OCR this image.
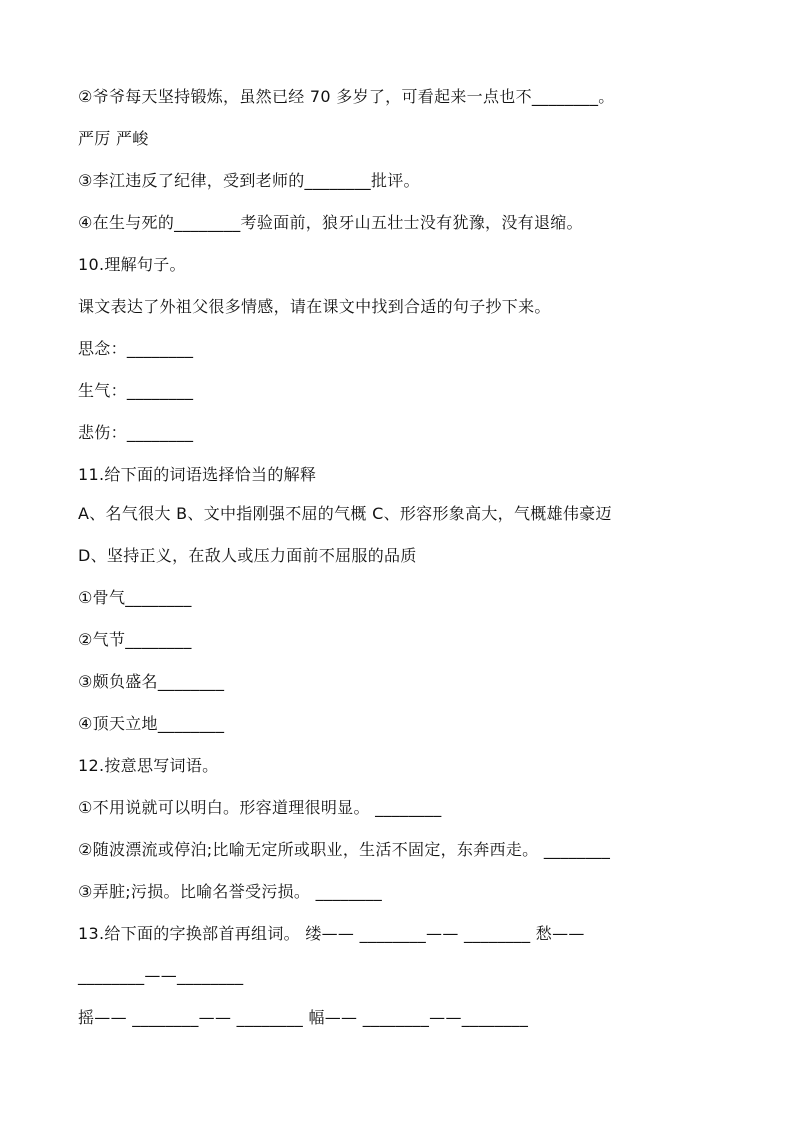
②爷爷每天坚持锻炼，虽然已经 70 多岁了，可看起来一点也不________。
严厉 严峻
③李江违反了纪律，受到老师的________批评。
④在生与死的________考验面前，狼牙山五壮士没有犹豫，没有退缩。
10.理解句子。
课文表达了外祖父很多情感，请在课文中找到合适的句子抄下来。
思念：________
生气：________
悲伤：________
11.给下面的词语选择恰当的解释
A、名气很大 B、文中指刚强不屈的气概 C、形容形象高大，气概雄伟豪迈
D、坚持正义，在敌人或压力面前不屈服的品质
①骨气________
②气节________
③颇负盛名________
④顶天立地________
12.按意思写词语。
①不用说就可以明白。形容道理很明显。 ________
②随波漂流或停泊;比喻无定所或职业，生活不固定，东奔西走。 ________
③弄脏;污损。比喻名誉受污损。 ________
13.给下面的字换部首再组词。 缕—— ________—— ________ 愁——
________——________
摇—— ________—— ________ 幅—— ________——________
